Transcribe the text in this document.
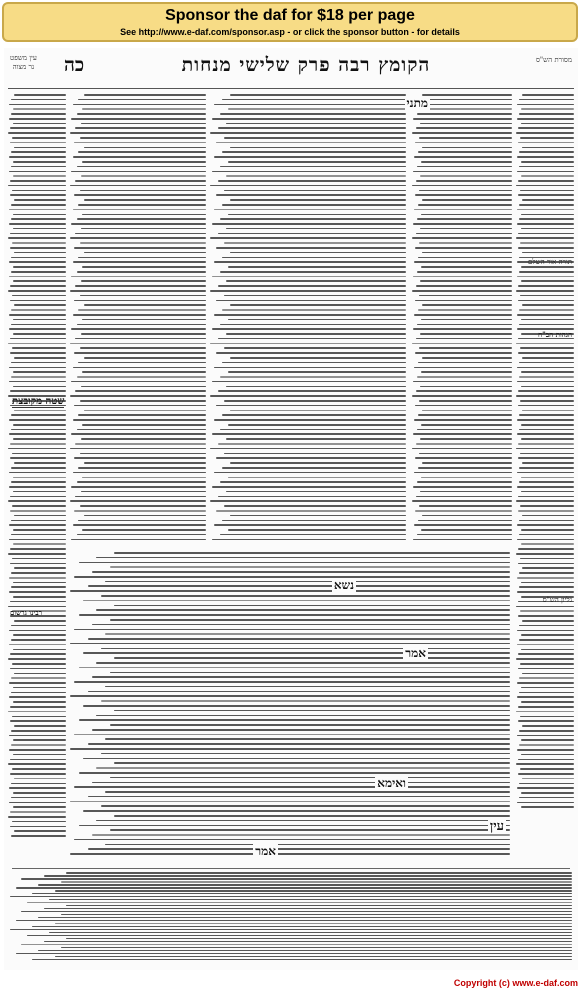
Sponsor the daf for $18 per page
See http://www.e-daf.com/sponsor.asp - or click the sponsor button - for details
מסורת הש"ס
הקומץ רבה פרק שלישי מנחות
כה
עין משפט
נר מצוה
תורה אור השלם
הגהות הב"ח
גליון הש"ס
מתני
רבינו גרשום
שטה מקובצת
נשא
אמר
ואימא
עין
אמר
Copyright (c) www.e-daf.com
